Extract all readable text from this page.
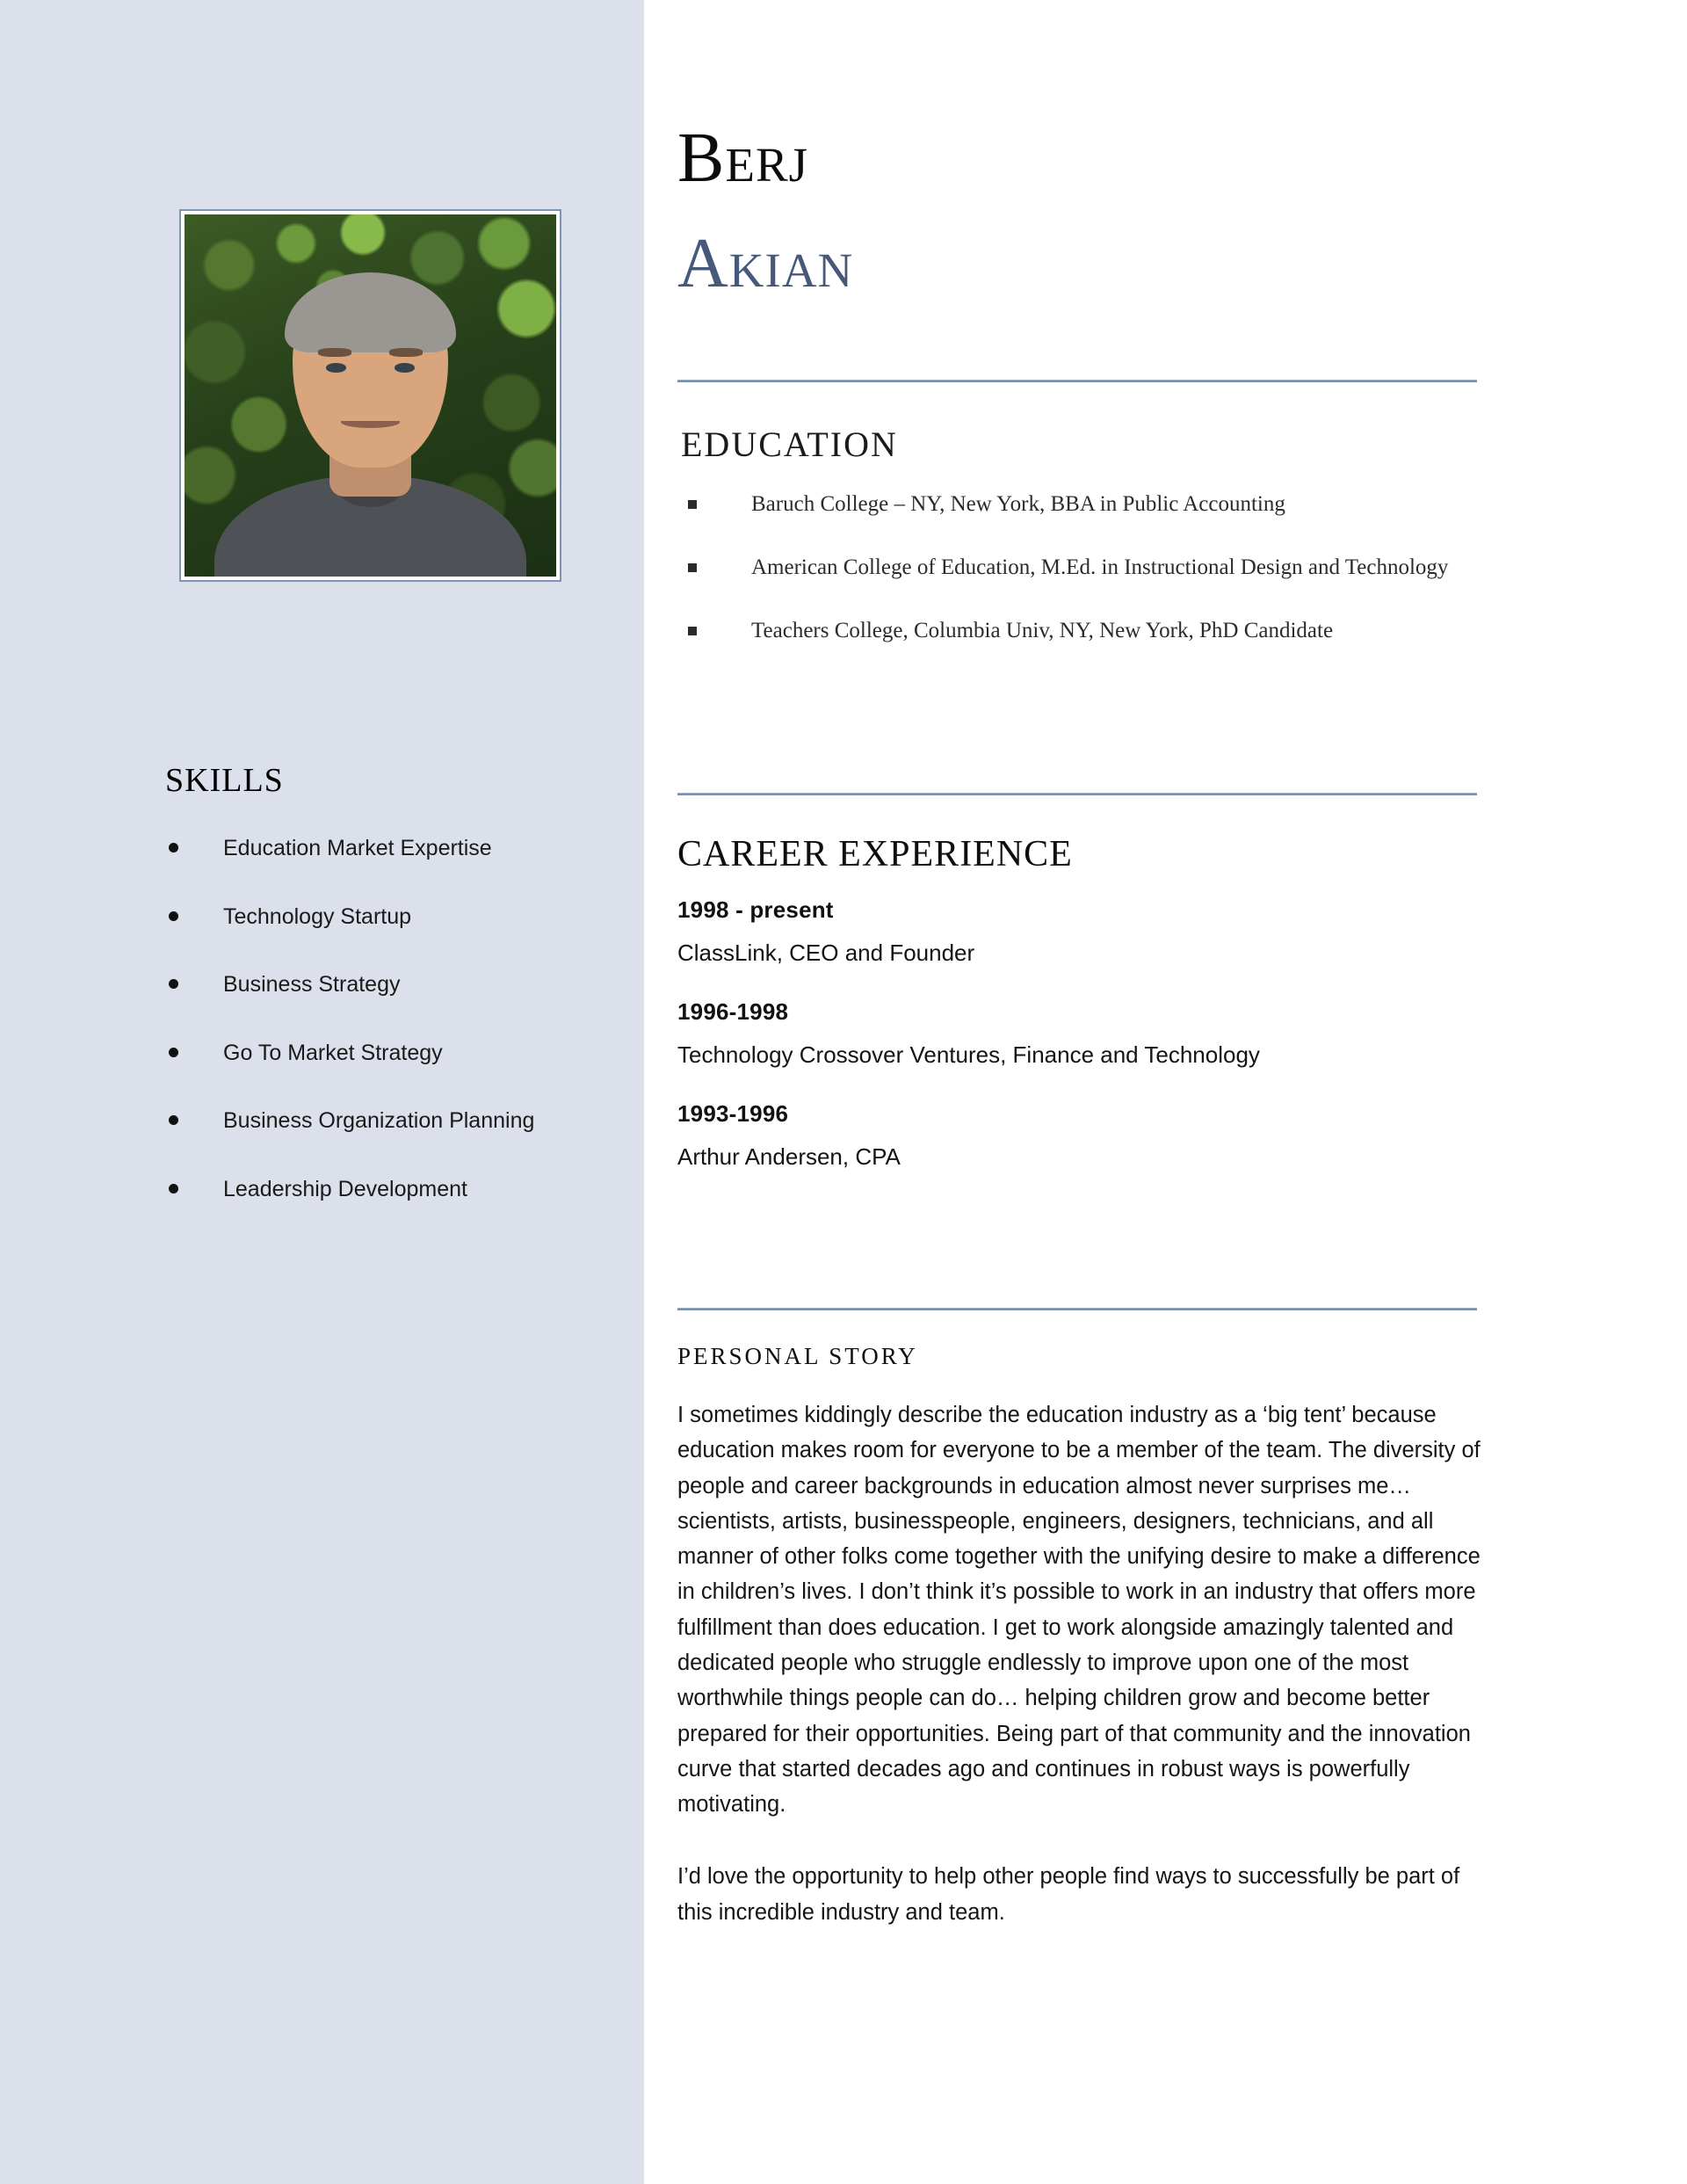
SKILLS
Education Market Expertise
Technology Startup
Business Strategy
Go To Market Strategy
Business Organization Planning
Leadership Development
BERJ
AKIAN
EDUCATION
Baruch College – NY, New York, BBA in Public Accounting
American College of Education, M.Ed. in Instructional Design and Technology
Teachers College, Columbia Univ, NY, New York, PhD Candidate
CAREER EXPERIENCE

1998 - present

ClassLink, CEO and Founder

1996-1998

Technology Crossover Ventures, Finance and Technology

1993-1996

Arthur Andersen, CPA

PERSONAL STORY

I sometimes kiddingly describe the education industry as a ‘big tent’ because education makes room for everyone to be a member of the team. The diversity of people and career backgrounds in education almost never surprises me… scientists, artists, businesspeople, engineers, designers, technicians, and all manner of other folks come together with the unifying desire to make a difference in children’s lives. I don’t think it’s possible to work in an industry that offers more fulfillment than does education. I get to work alongside amazingly talented and dedicated people who struggle endlessly to improve upon one of the most worthwhile things people can do… helping children grow and become better prepared for their opportunities. Being part of that community and the innovation curve that started decades ago and continues in robust ways is powerfully motivating.

I’d love the opportunity to help other people find ways to successfully be part of this incredible industry and team.
